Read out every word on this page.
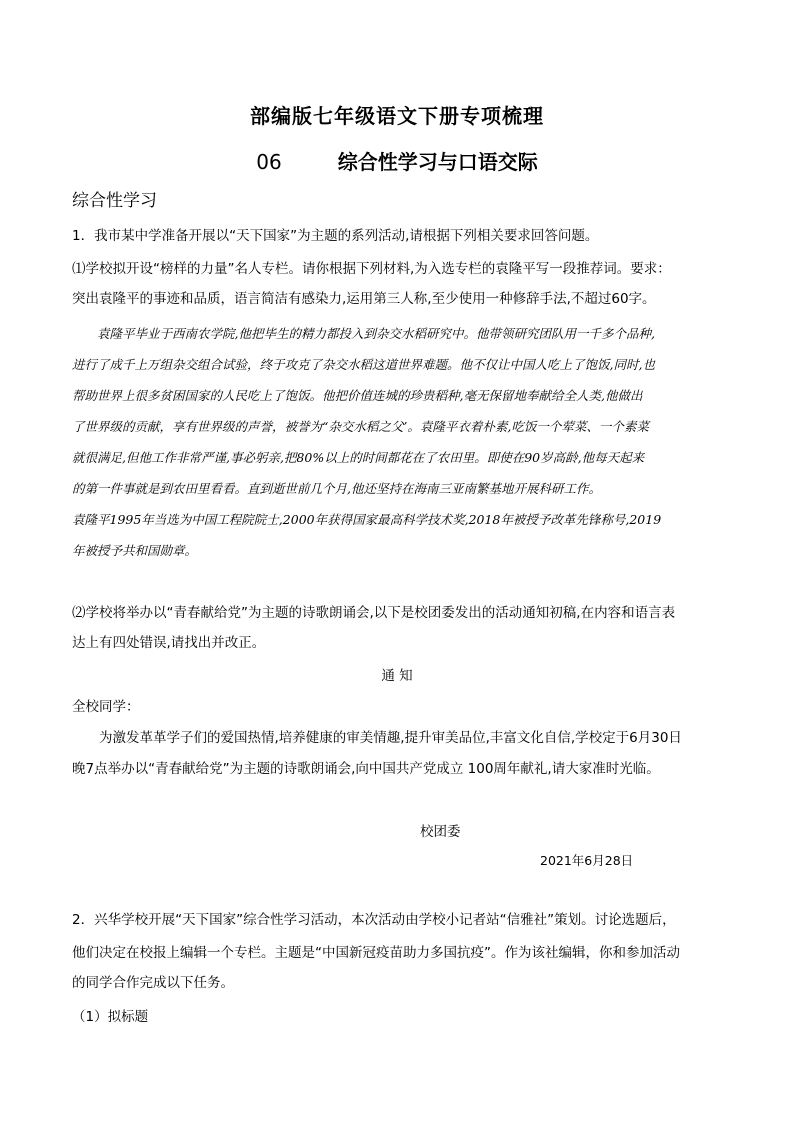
部编版七年级语文下册专项梳理
06	综合性学习与口语交际
综合性学习
1．我市某中学准备开展以“天下国家”为主题的系列活动,请根据下列相关要求回答问题。
⑴学校拟开设“榜样的力量”名人专栏。请你根据下列材料,为入选专栏的袁隆平写一段推荐词。要求：
突出袁隆平的事迹和品质，语言简洁有感染力,运用第三人称,至少使用一种修辞手法,不超过60字。
　　袁隆平毕业于西南农学院,他把毕生的精力都投入到杂交水稻研究中。他带领研究团队用一千多个品种,
进行了成千上万组杂交组合试验，终于攻克了杂交水稻这道世界难题。他不仅让中国人吃上了饱饭,同时,也
帮助世界上很多贫困国家的人民吃上了饱饭。他把价值连城的珍贵稻种,毫无保留地奉献给全人类,他做出
了世界级的贡献，享有世界级的声誉，被誉为“杂交水稻之父’。袁隆平衣着朴素,吃饭一个荤菜、一个素菜
就很满足,但他工作非常严谨,事必躬亲,把80%以上的时间都花在了农田里。即使在90岁高龄,他每天起来
的第一件事就是到农田里看看。直到逝世前几个月,他还坚持在海南三亚南繁基地开展科研工作。
袁隆平1995年当选为中国工程院院士,2000年获得国家最高科学技术奖,2018年被授予改革先锋称号,2019
年被授予共和国勋章。
⑵学校将举办以“青春献给党”为主题的诗歌朗诵会,以下是校团委发出的活动通知初稿,在内容和语言表
达上有四处错误,请找出并改正。
通 知
全校同学：
　　为激发革革学子们的爱国热情,培养健康的审美情趣,提升审美品位,丰富文化自信,学校定于6月30日
晚7点举办以“青春献给党”为主题的诗歌朗诵会,向中国共产党成立 100周年献礼,请大家准时光临。
校团委
2021年6月28日
2．兴华学校开展“天下国家”综合性学习活动，本次活动由学校小记者站“信雅社”策划。讨论选题后，
他们决定在校报上编辑一个专栏。主题是“中国新冠疫苗助力多国抗疫”。作为该社编辑，你和参加活动
的同学合作完成以下任务。
（1）拟标题
